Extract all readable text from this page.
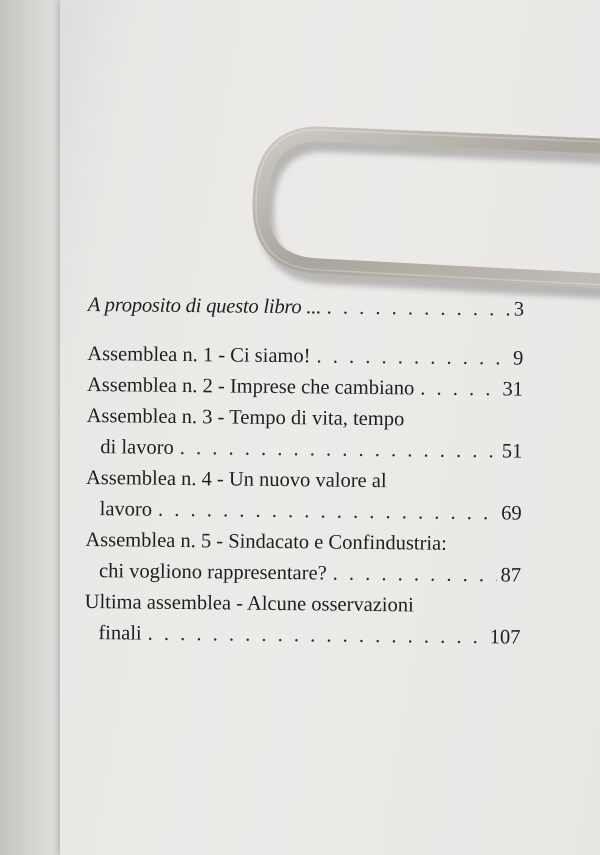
A proposito di questo libro ... . . .	3
Assemblea n. 1 - Ci siamo! . . .	9
Assemblea n. 2 - Imprese che cambiano . . .	31
Assemblea n. 3 - Tempo di vita, tempo
di lavoro . . .	51
Assemblea n. 4 - Un nuovo valore al
lavoro . . .	69
Assemblea n. 5 - Sindacato e Confindustria:
chi vogliono rappresentare? . . .	87
Ultima assemblea - Alcune osservazioni
finali . . .	107
